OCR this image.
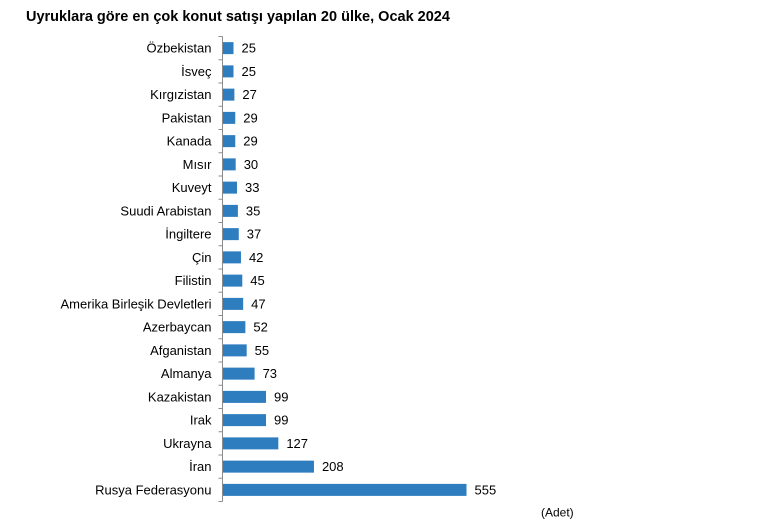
Uyruklara göre en çok konut satışı yapılan 20 ülke, Ocak 2024
Özbekistan
İsveç
Kırgızistan
Pakistan
Kanada
Mısır
Kuveyt
Suudi Arabistan
İngiltere
Çin
Filistin
Amerika Birleşik Devletleri
Azerbaycan
Afganistan
Almanya
Kazakistan
Irak
Ukrayna
İran
Rusya Federasyonu
25
25
27
29
29
30
33
35
37
42
45
47
52
55
73
99
99
127
208
555
(Adet)
